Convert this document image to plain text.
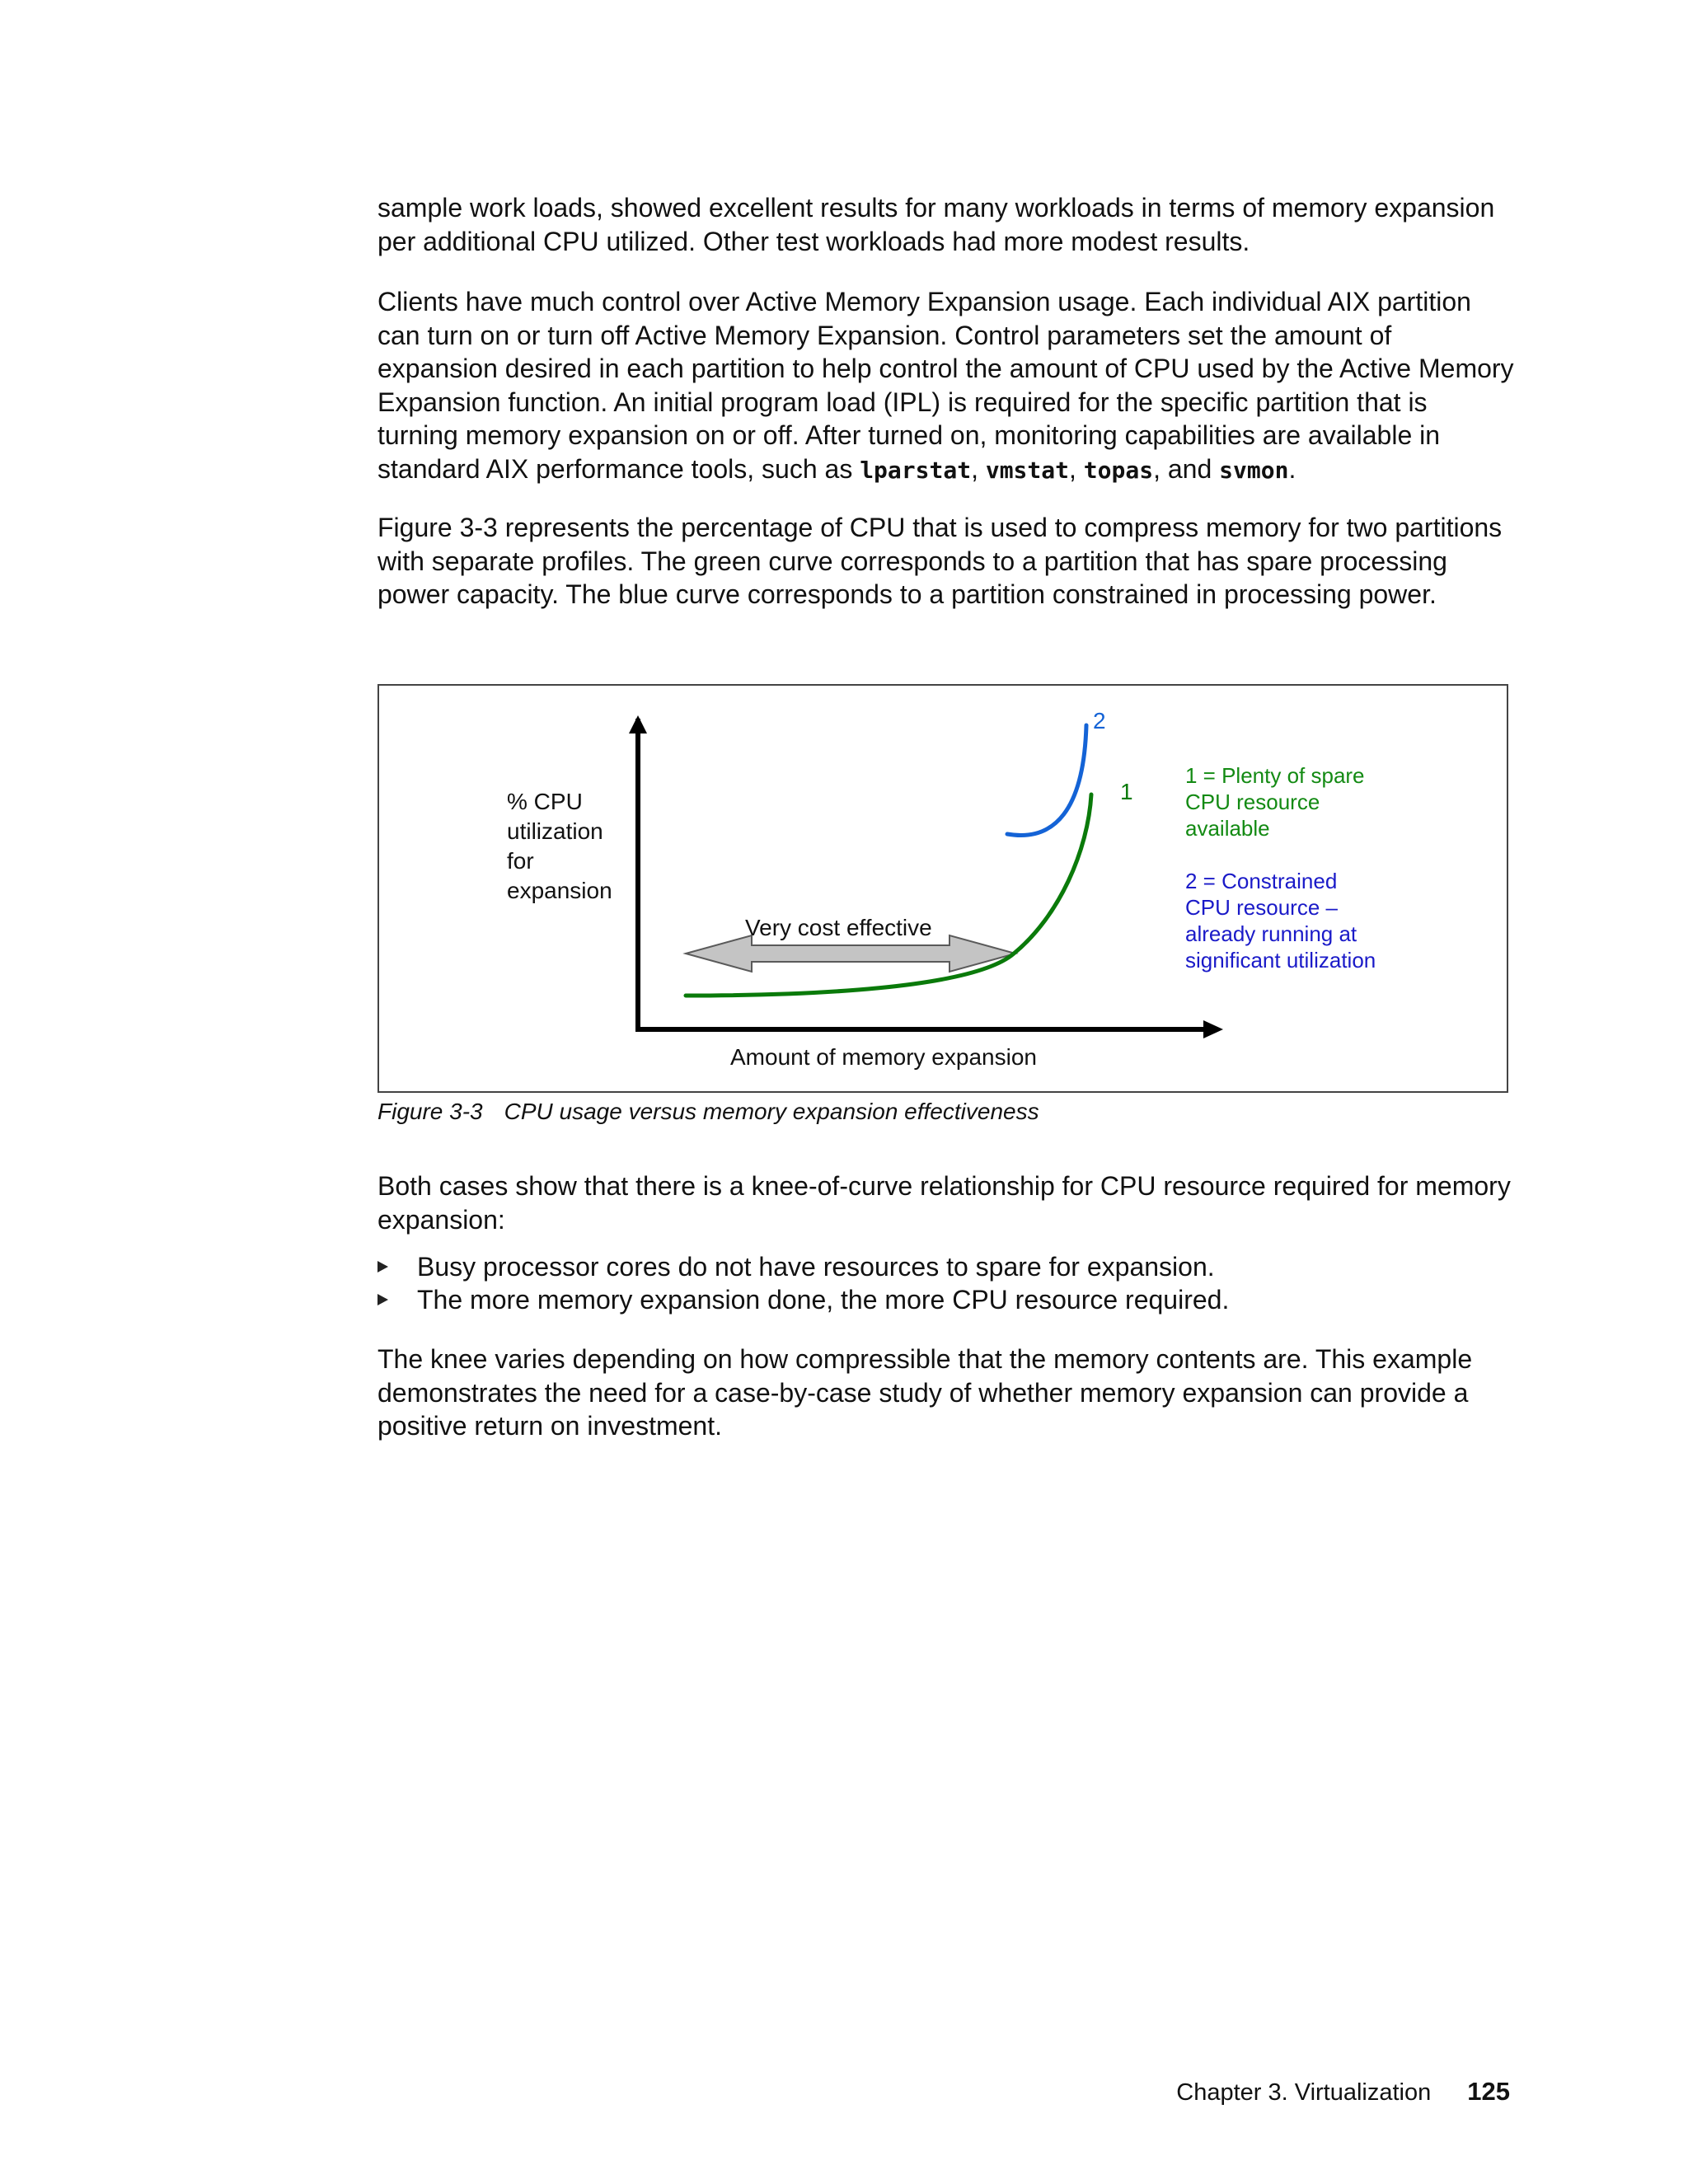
sample work loads, showed excellent results for many workloads in terms of memory expansion per additional CPU utilized. Other test workloads had more modest results.

Clients have much control over Active Memory Expansion usage. Each individual AIX partition can turn on or turn off Active Memory Expansion. Control parameters set the amount of expansion desired in each partition to help control the amount of CPU used by the Active Memory Expansion function. An initial program load (IPL) is required for the specific partition that is turning memory expansion on or off. After turned on, monitoring capabilities are available in standard AIX performance tools, such as lparstat, vmstat, topas, and svmon.

Figure 3-3 represents the percentage of CPU that is used to compress memory for two partitions with separate profiles. The green curve corresponds to a partition that has spare processing power capacity. The blue curve corresponds to a partition constrained in processing power.

% CPU utilization for expansion
Amount of memory expansion
Very cost effective
1
2
1 = Plenty of spare CPU resource available
2 = Constrained CPU resource – already running at significant utilization
Figure 3-3 CPU usage versus memory expansion effectiveness

Both cases show that there is a knee-of-curve relationship for CPU resource required for memory expansion:

Busy processor cores do not have resources to spare for expansion.
The more memory expansion done, the more CPU resource required.

The knee varies depending on how compressible that the memory contents are. This example demonstrates the need for a case-by-case study of whether memory expansion can provide a positive return on investment.

Chapter 3. Virtualization 125
